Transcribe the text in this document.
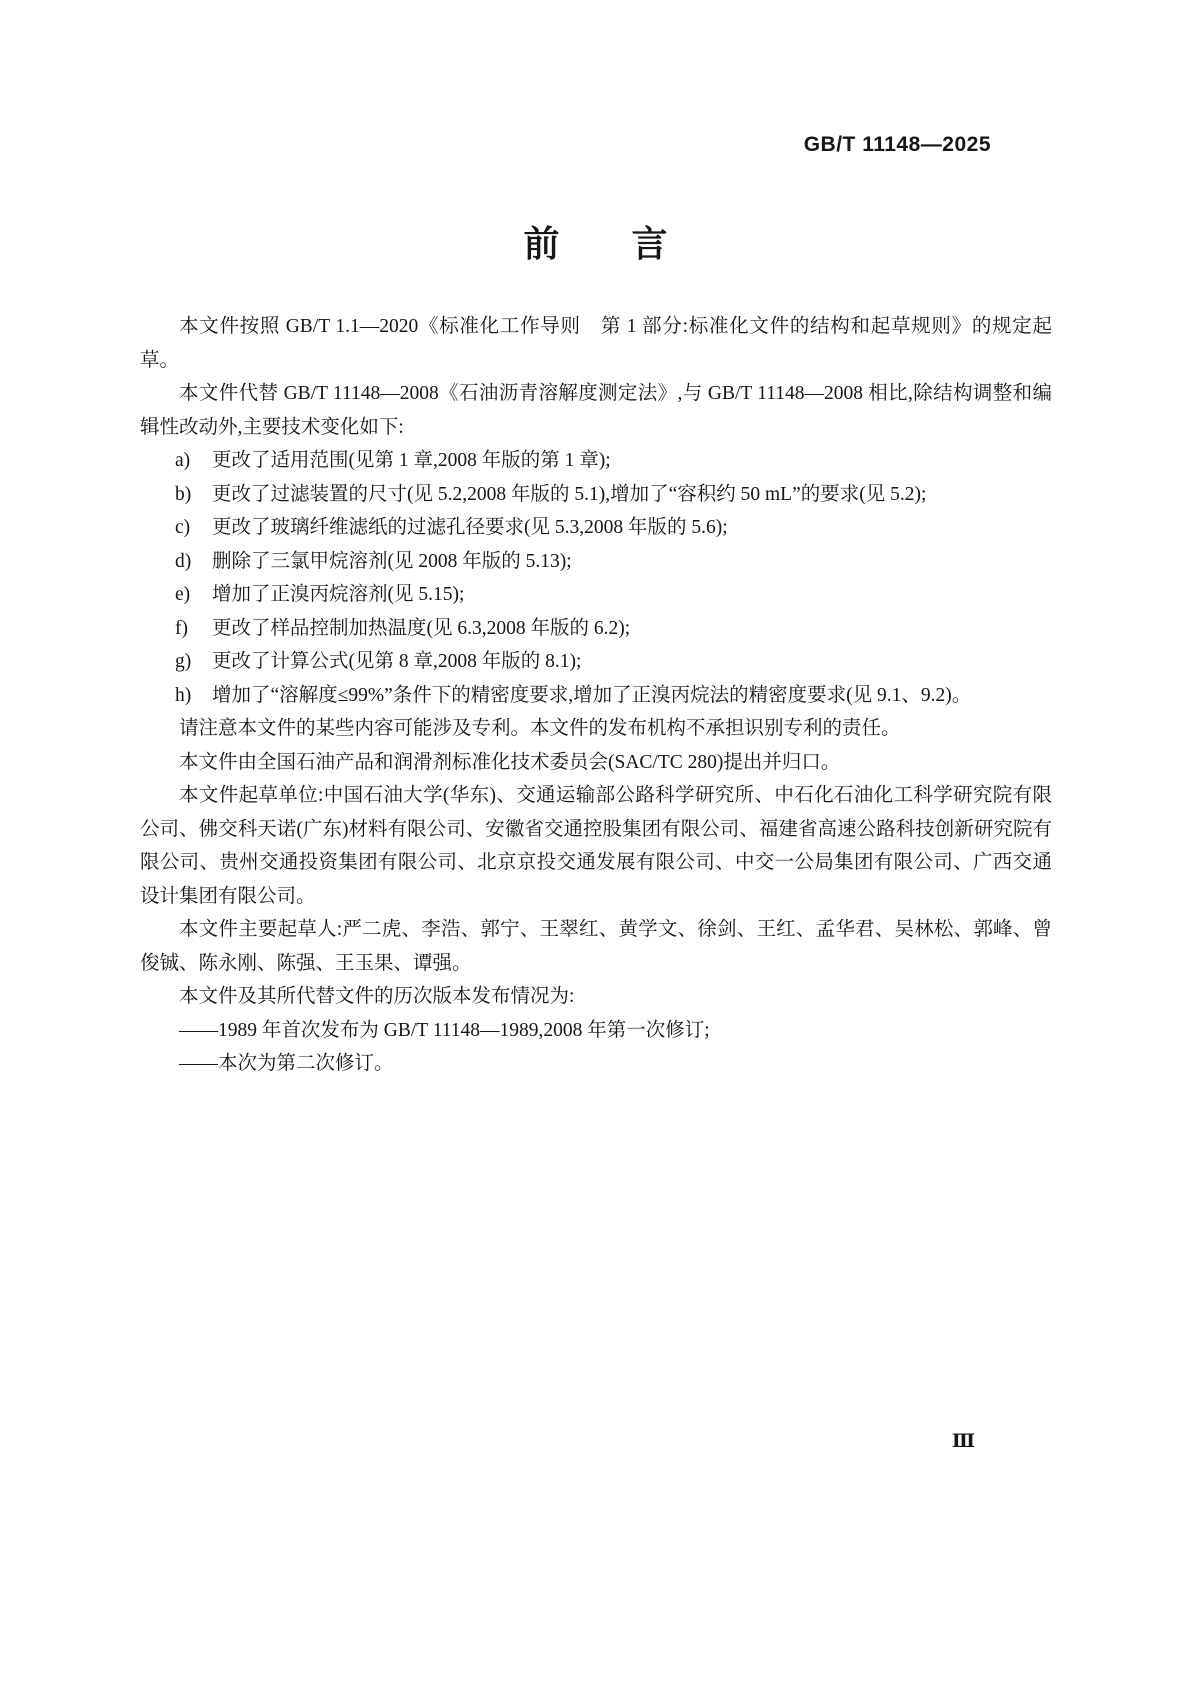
GB/T 11148—2025
前　　言

本文件按照 GB/T 1.1—2020《标准化工作导则　第 1 部分:标准化文件的结构和起草规则》的规定起草。

本文件代替 GB/T 11148—2008《石油沥青溶解度测定法》,与 GB/T 11148—2008 相比,除结构调整和编辑性改动外,主要技术变化如下:

a) 更改了适用范围(见第 1 章,2008 年版的第 1 章);
b) 更改了过滤装置的尺寸(见 5.2,2008 年版的 5.1),增加了“容积约 50 mL”的要求(见 5.2);
c) 更改了玻璃纤维滤纸的过滤孔径要求(见 5.3,2008 年版的 5.6);
d) 删除了三氯甲烷溶剂(见 2008 年版的 5.13);
e) 增加了正溴丙烷溶剂(见 5.15);
f) 更改了样品控制加热温度(见 6.3,2008 年版的 6.2);
g) 更改了计算公式(见第 8 章,2008 年版的 8.1);
h) 增加了“溶解度≤99%”条件下的精密度要求,增加了正溴丙烷法的精密度要求(见 9.1、9.2)。

请注意本文件的某些内容可能涉及专利。本文件的发布机构不承担识别专利的责任。

本文件由全国石油产品和润滑剂标准化技术委员会(SAC/TC 280)提出并归口。

本文件起草单位:中国石油大学(华东)、交通运输部公路科学研究所、中石化石油化工科学研究院有限公司、佛交科天诺(广东)材料有限公司、安徽省交通控股集团有限公司、福建省高速公路科技创新研究院有限公司、贵州交通投资集团有限公司、北京京投交通发展有限公司、中交一公局集团有限公司、广西交通设计集团有限公司。

本文件主要起草人:严二虎、李浩、郭宁、王翠红、黄学文、徐剑、王红、孟华君、吴林松、郭峰、曾俊铖、陈永刚、陈强、王玉果、谭强。

本文件及其所代替文件的历次版本发布情况为:

——1989 年首次发布为 GB/T 11148—1989,2008 年第一次修订;

——本次为第二次修订。

Ⅲ
